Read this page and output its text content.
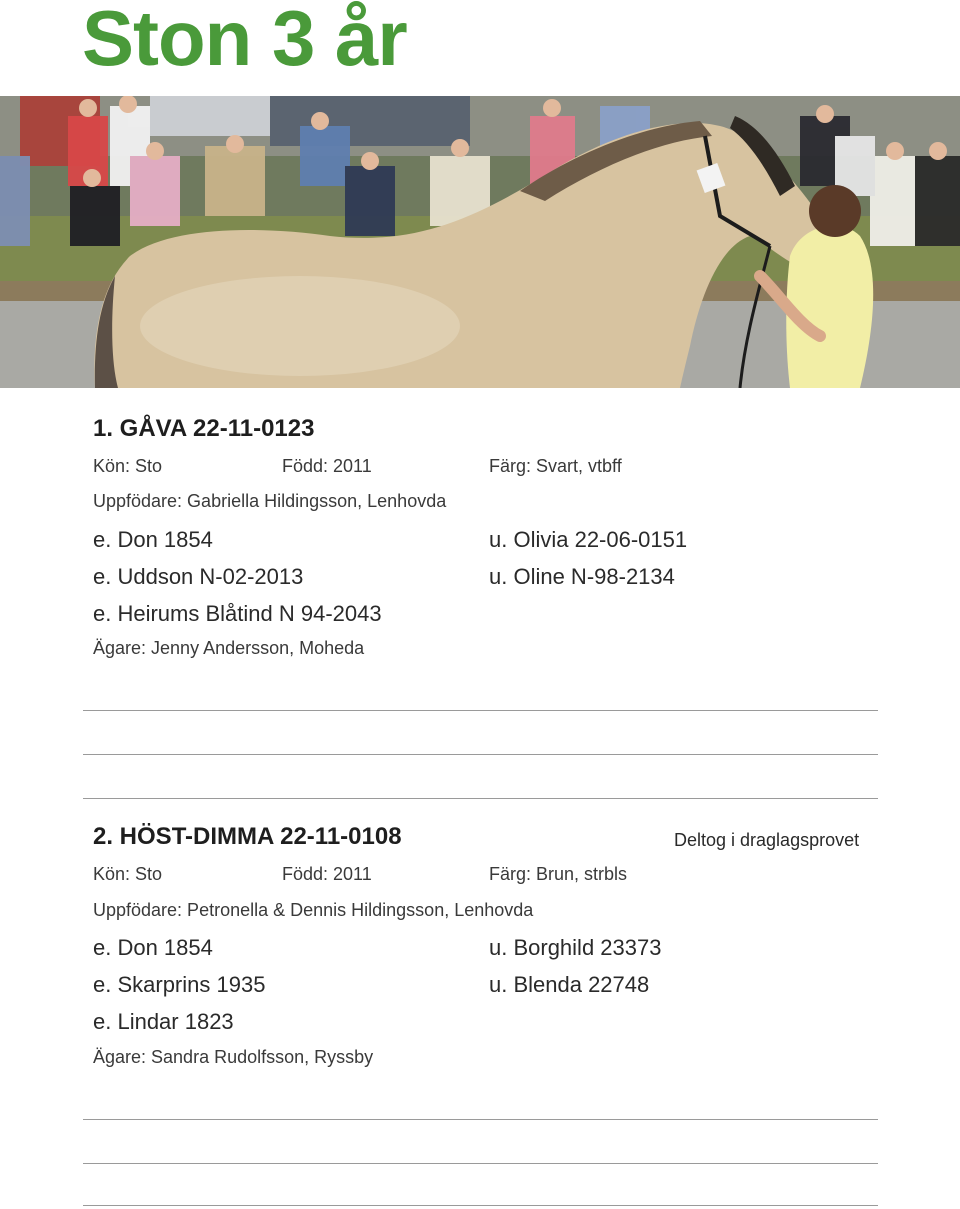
Ston 3 år
1. GÅVA 22-11-0123
Kön: Sto	Född: 2011	Färg: Svart, vtbff
Uppfödare: Gabriella Hildingsson, Lenhovda
e. Don 1854	u. Olivia 22-06-0151
e. Uddson N-02-2013	u. Oline N-98-2134
e. Heirums Blåtind N 94-2043
Ägare: Jenny Andersson, Moheda
2. HÖST-DIMMA 22-11-0108	Deltog i draglagsprovet
Kön: Sto	Född: 2011	Färg: Brun, strbls
Uppfödare: Petronella & Dennis Hildingsson, Lenhovda
e. Don 1854	u. Borghild 23373
e. Skarprins 1935	u. Blenda 22748
e. Lindar 1823
Ägare: Sandra Rudolfsson, Ryssby
